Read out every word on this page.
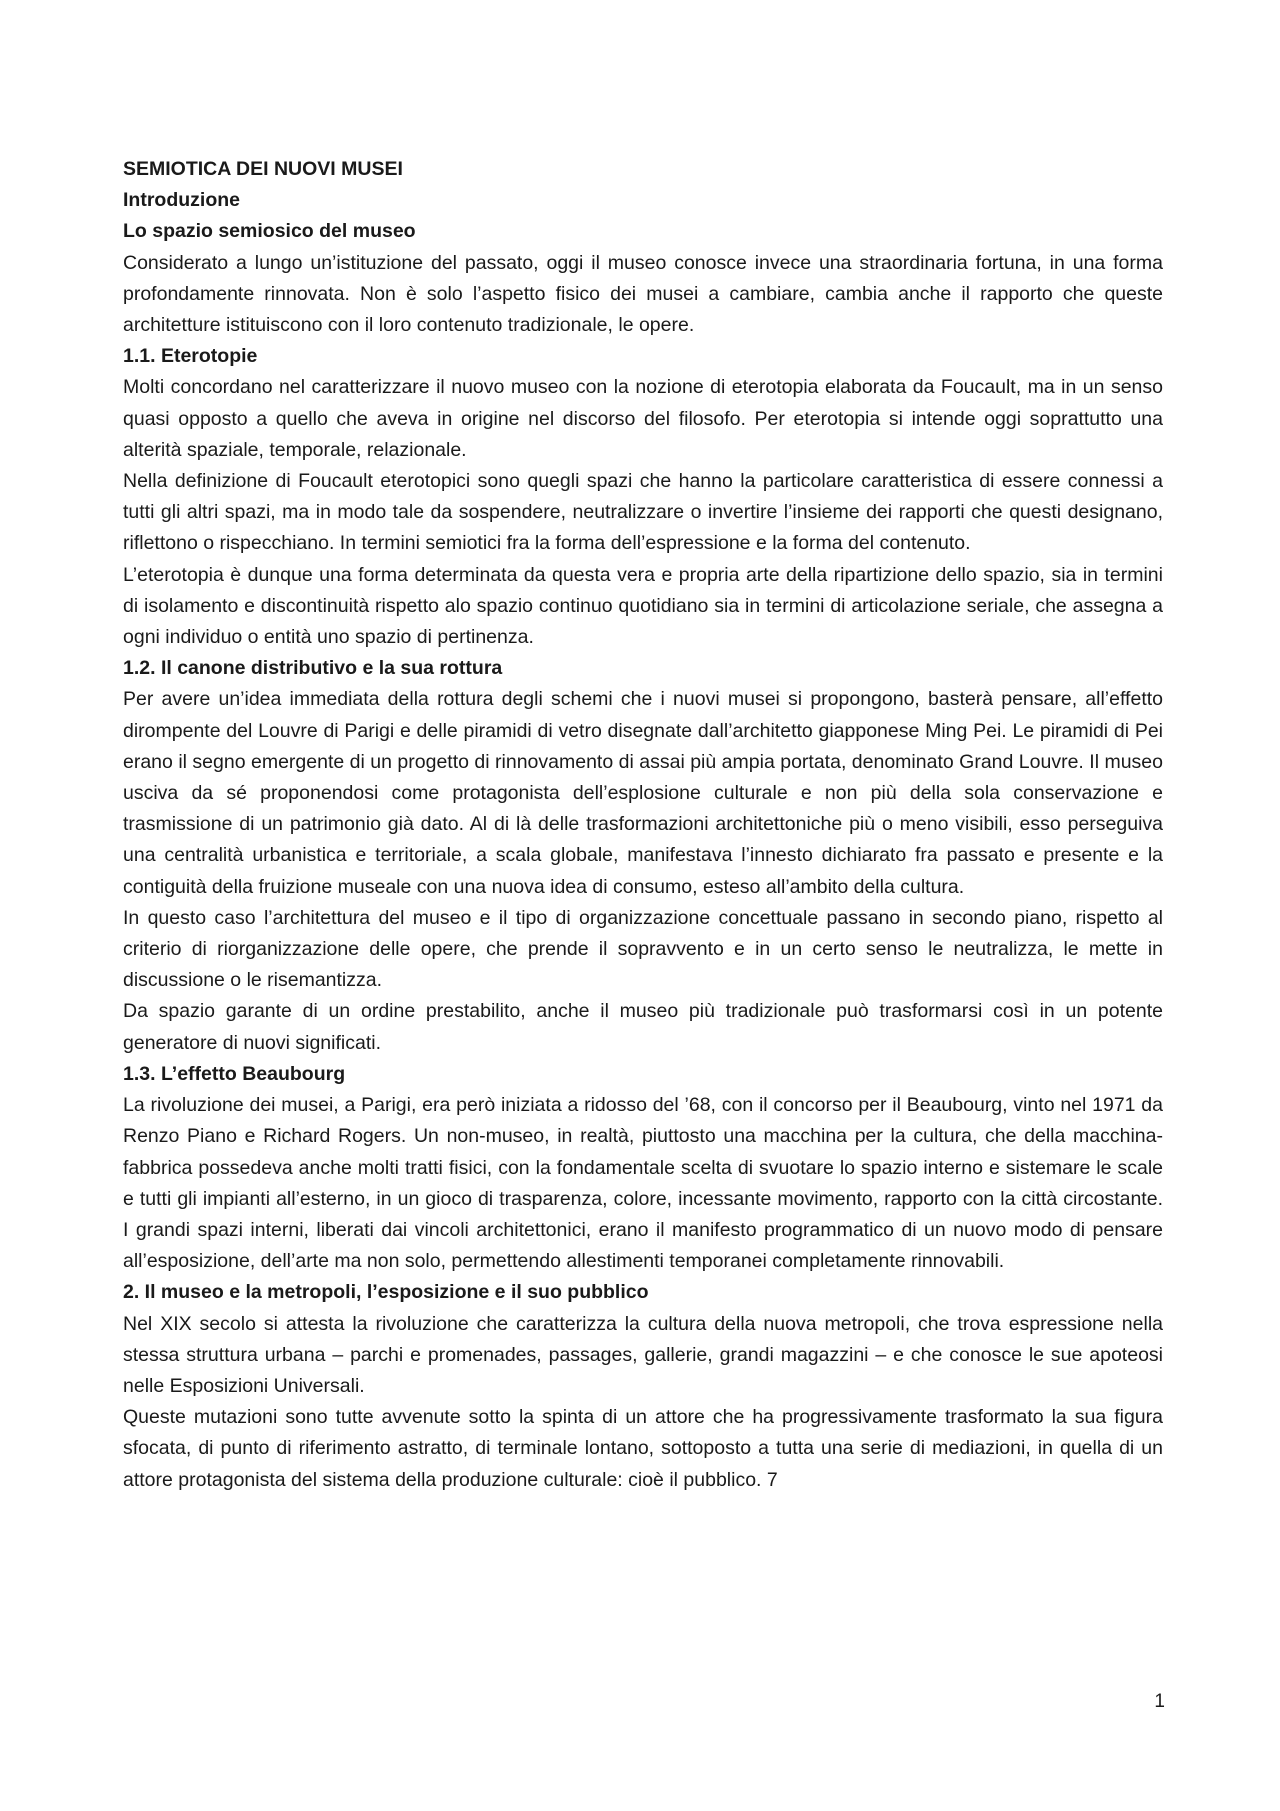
SEMIOTICA DEI NUOVI MUSEI

Introduzione

Lo spazio semiosico del museo

Considerato a lungo un’istituzione del passato, oggi il museo conosce invece una straordinaria fortuna, in una forma profondamente rinnovata. Non è solo l’aspetto fisico dei musei a cambiare, cambia anche il rapporto che queste architetture istituiscono con il loro contenuto tradizionale, le opere.

1.1. Eterotopie

Molti concordano nel caratterizzare il nuovo museo con la nozione di eterotopia elaborata da Foucault, ma in un senso quasi opposto a quello che aveva in origine nel discorso del filosofo. Per eterotopia si intende oggi soprattutto una alterità spaziale, temporale, relazionale.

Nella definizione di Foucault eterotopici sono quegli spazi che hanno la particolare caratteristica di essere connessi a tutti gli altri spazi, ma in modo tale da sospendere, neutralizzare o invertire l’insieme dei rapporti che questi designano, riflettono o rispecchiano. In termini semiotici fra la forma dell’espressione e la forma del contenuto.

L’eterotopia è dunque una forma determinata da questa vera e propria arte della ripartizione dello spazio, sia in termini di isolamento e discontinuità rispetto alo spazio continuo quotidiano sia in termini di articolazione seriale, che assegna a ogni individuo o entità uno spazio di pertinenza.

1.2. Il canone distributivo e la sua rottura

Per avere un’idea immediata della rottura degli schemi che i nuovi musei si propongono, basterà pensare, all’effetto dirompente del Louvre di Parigi e delle piramidi di vetro disegnate dall’architetto giapponese Ming Pei. Le piramidi di Pei erano il segno emergente di un progetto di rinnovamento di assai più ampia portata, denominato Grand Louvre. Il museo usciva da sé proponendosi come protagonista dell’esplosione culturale e non più della sola conservazione e trasmissione di un patrimonio già dato. Al di là delle trasformazioni architettoniche più o meno visibili, esso perseguiva una centralità urbanistica e territoriale, a scala globale, manifestava l’innesto dichiarato fra passato e presente e la contiguità della fruizione museale con una nuova idea di consumo, esteso all’ambito della cultura.

In questo caso l’architettura del museo e il tipo di organizzazione concettuale passano in secondo piano, rispetto al criterio di riorganizzazione delle opere, che prende il sopravvento e in un certo senso le neutralizza, le mette in discussione o le risemantizza.

Da spazio garante di un ordine prestabilito, anche il museo più tradizionale può trasformarsi così in un potente generatore di nuovi significati.

1.3. L’effetto Beaubourg

La rivoluzione dei musei, a Parigi, era però iniziata a ridosso del ’68, con il concorso per il Beaubourg, vinto nel 1971 da Renzo Piano e Richard Rogers. Un non-museo, in realtà, piuttosto una macchina per la cultura, che della macchina-fabbrica possedeva anche molti tratti fisici, con la fondamentale scelta di svuotare lo spazio interno e sistemare le scale e tutti gli impianti all’esterno, in un gioco di trasparenza, colore, incessante movimento, rapporto con la città circostante. I grandi spazi interni, liberati dai vincoli architettonici, erano il manifesto programmatico di un nuovo modo di pensare all’esposizione, dell’arte ma non solo, permettendo allestimenti temporanei completamente rinnovabili.

2. Il museo e la metropoli, l’esposizione e il suo pubblico

Nel XIX secolo si attesta la rivoluzione che caratterizza la cultura della nuova metropoli, che trova espressione nella stessa struttura urbana – parchi e promenades, passages, gallerie, grandi magazzini – e che conosce le sue apoteosi nelle Esposizioni Universali.

Queste mutazioni sono tutte avvenute sotto la spinta di un attore che ha progressivamente trasformato la sua figura sfocata, di punto di riferimento astratto, di terminale lontano, sottoposto a tutta una serie di mediazioni, in quella di un attore protagonista del sistema della produzione culturale: cioè il pubblico. 7

1
